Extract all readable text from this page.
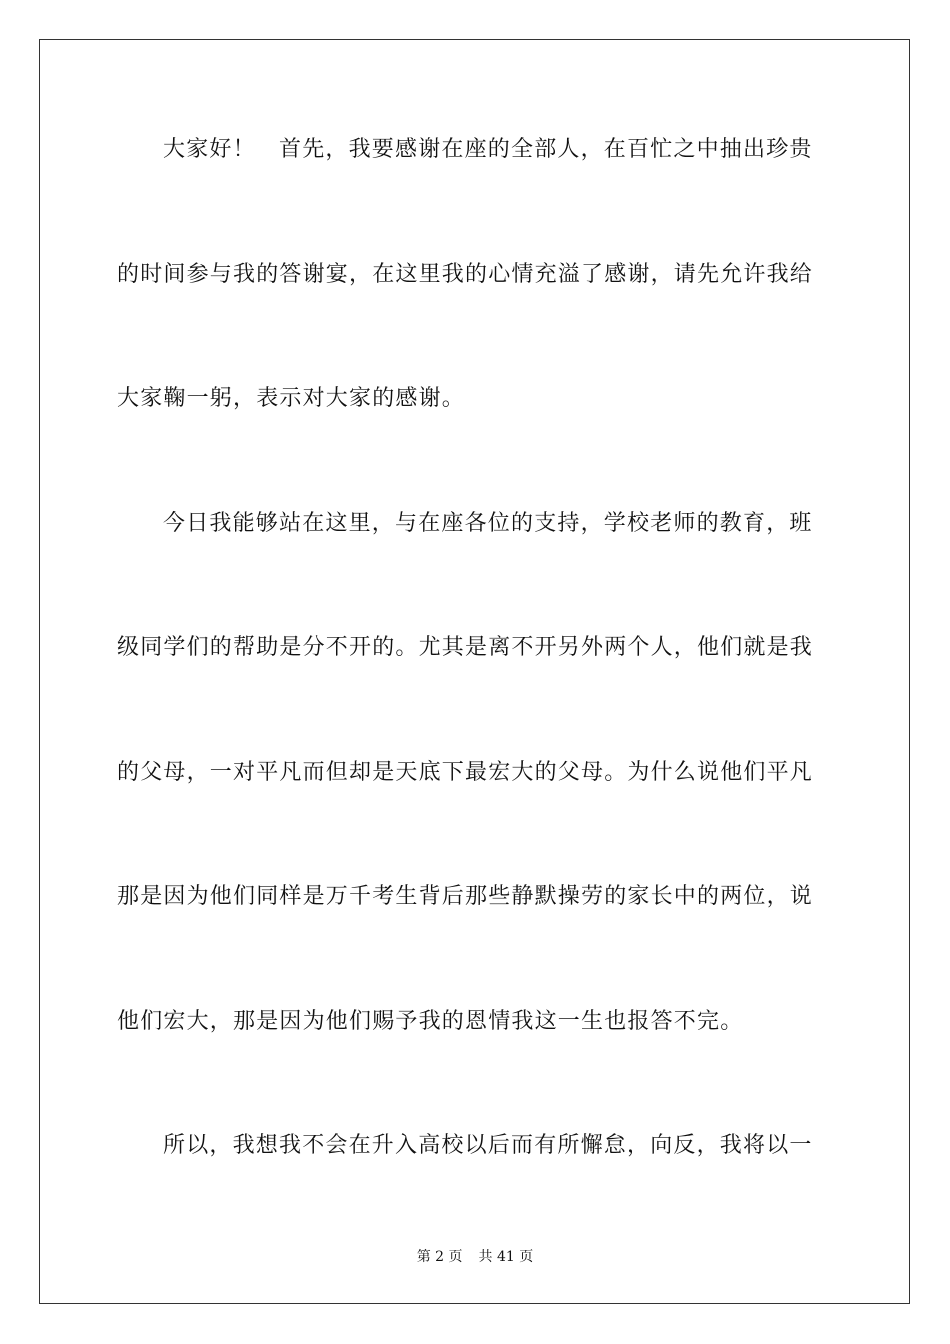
大家好！　首先，我要感谢在座的全部人，在百忙之中抽出珍贵
的时间参与我的答谢宴，在这里我的心情充溢了感谢，请先允许我给
大家鞠一躬，表示对大家的感谢。
今日我能够站在这里，与在座各位的支持，学校老师的教育，班
级同学们的帮助是分不开的。尤其是离不开另外两个人，他们就是我
的父母，一对平凡而但却是天底下最宏大的父母。为什么说他们平凡
那是因为他们同样是万千考生背后那些静默操劳的家长中的两位，说
他们宏大，那是因为他们赐予我的恩情我这一生也报答不完。
所以，我想我不会在升入高校以后而有所懈怠，向反，我将以一
第 2 页 共 41 页
